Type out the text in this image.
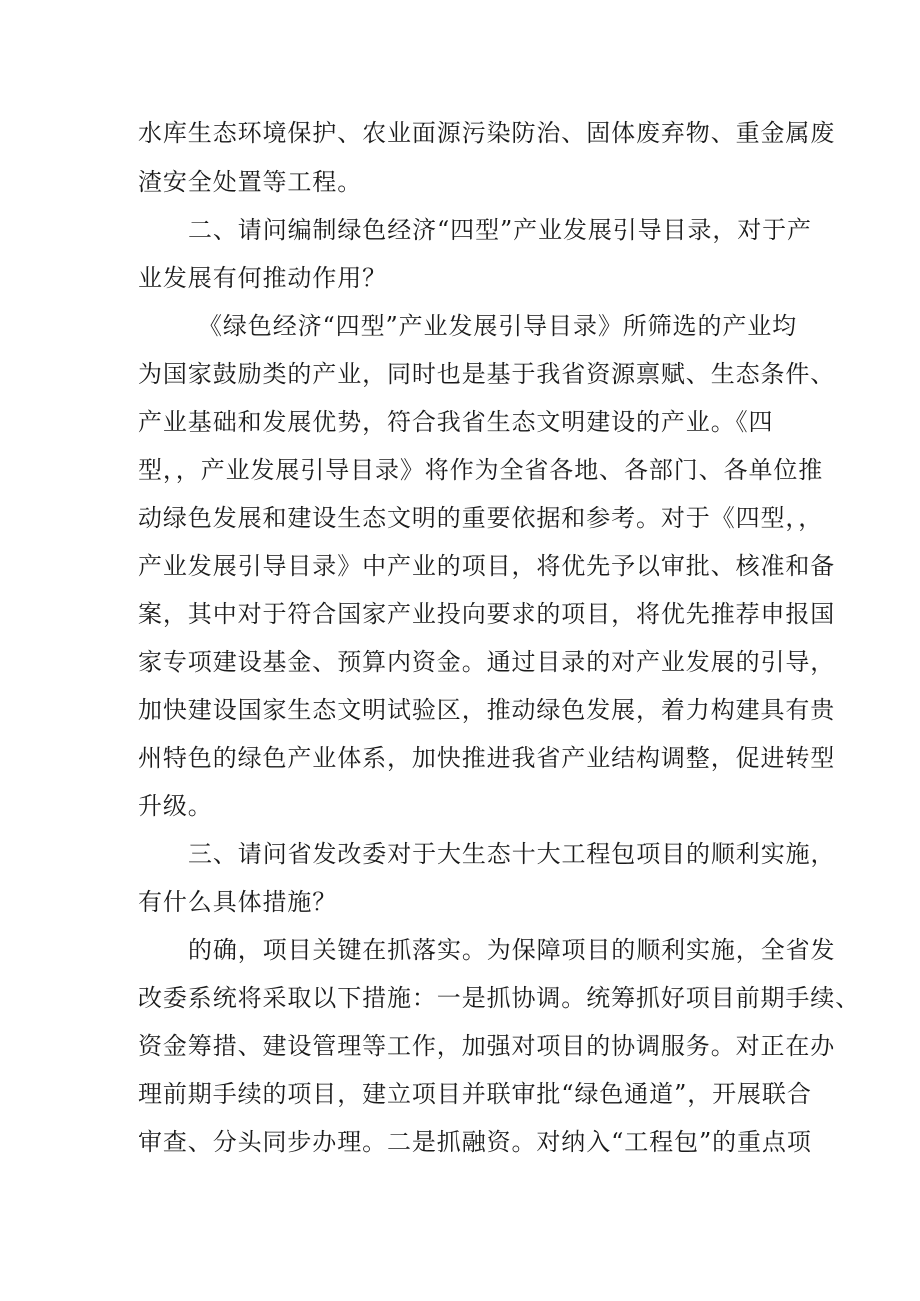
水库生态环境保护、农业面源污染防治、固体废弃物、重金属废
渣安全处置等工程。
二、请问编制绿色经济“四型”产业发展引导目录，对于产
业发展有何推动作用？
《绿色经济“四型”产业发展引导目录》所筛选的产业均
为国家鼓励类的产业，同时也是基于我省资源禀赋、生态条件、
产业基础和发展优势，符合我省生态文明建设的产业。《四
型，，产业发展引导目录》将作为全省各地、各部门、各单位推
动绿色发展和建设生态文明的重要依据和参考。对于《四型，，
产业发展引导目录》中产业的项目，将优先予以审批、核准和备
案，其中对于符合国家产业投向要求的项目，将优先推荐申报国
家专项建设基金、预算内资金。通过目录的对产业发展的引导，
加快建设国家生态文明试验区，推动绿色发展，着力构建具有贵
州特色的绿色产业体系，加快推进我省产业结构调整，促进转型
升级。
三、请问省发改委对于大生态十大工程包项目的顺利实施，
有什么具体措施？
的确，项目关键在抓落实。为保障项目的顺利实施，全省发
改委系统将采取以下措施：一是抓协调。统筹抓好项目前期手续、
资金筹措、建设管理等工作，加强对项目的协调服务。对正在办
理前期手续的项目，建立项目并联审批“绿色通道”，开展联合
审查、分头同步办理。二是抓融资。对纳入“工程包”的重点项
